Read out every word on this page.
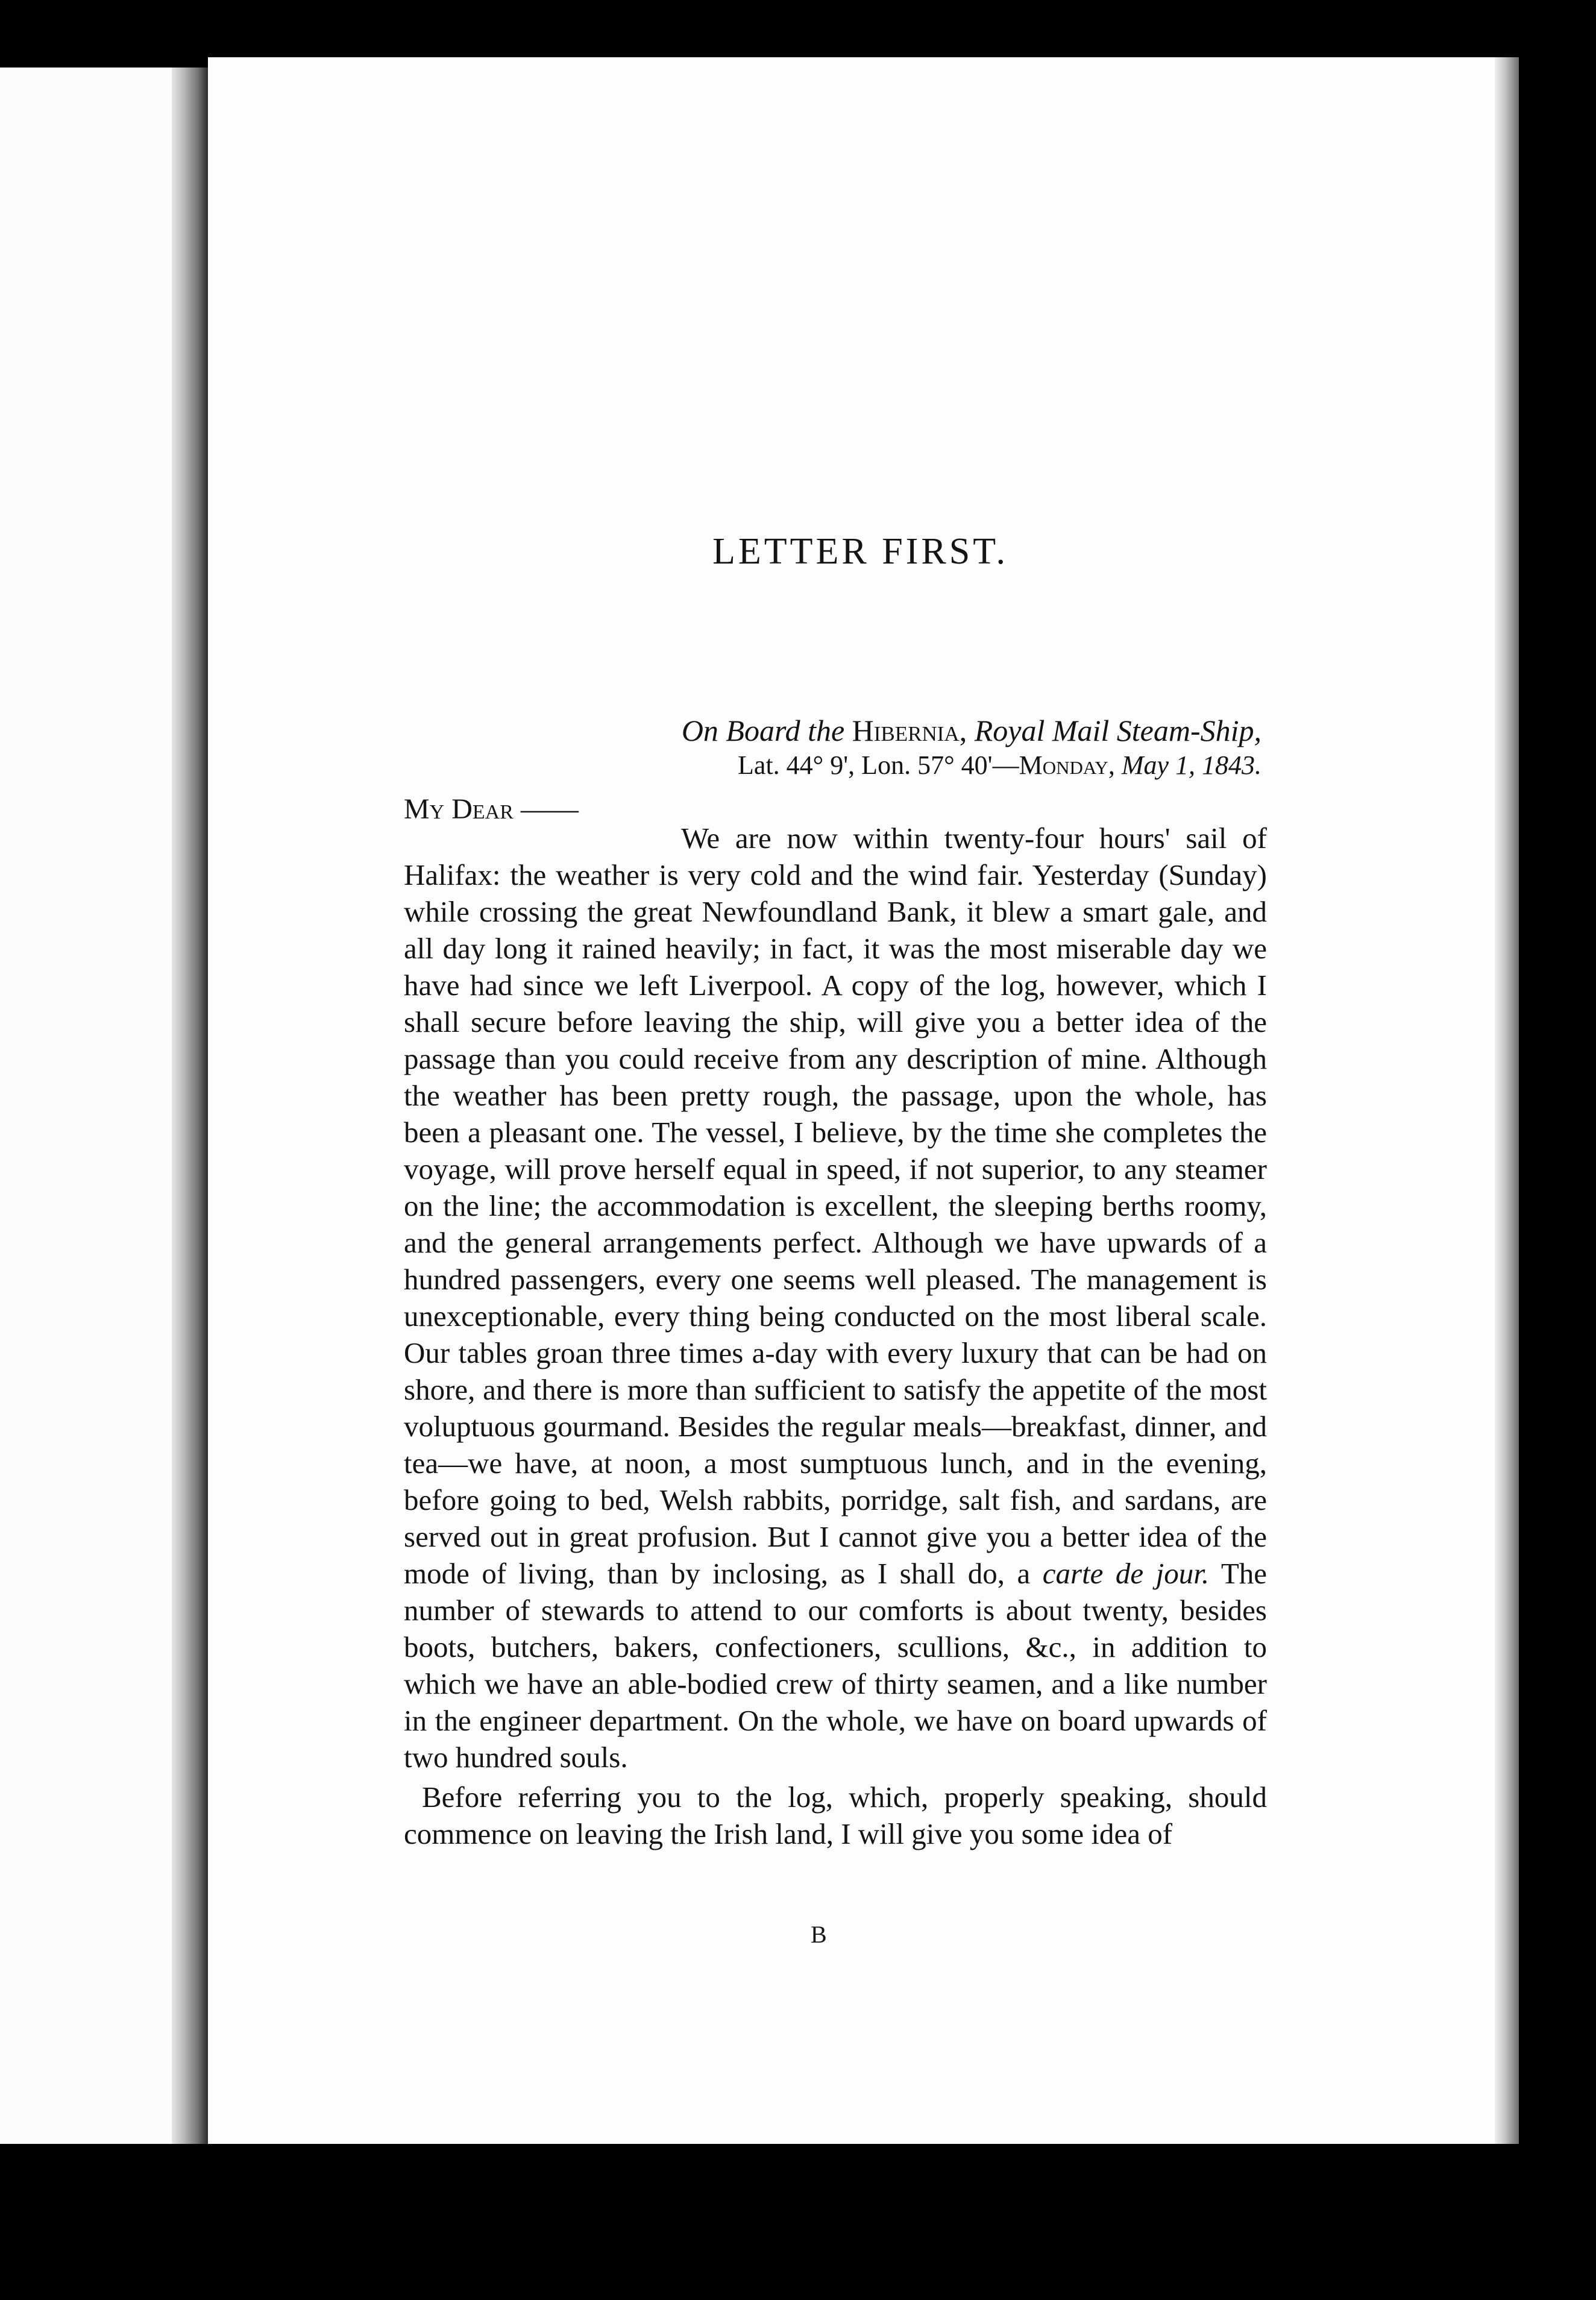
LETTER FIRST.
On Board the Hibernia, Royal Mail Steam-Ship,
Lat. 44° 9', Lon. 57° 40'—Monday, May 1, 1843.
My Dear ——

We are now within twenty-four hours' sail of Halifax: the weather is very cold and the wind fair. Yesterday (Sunday) while crossing the great Newfoundland Bank, it blew a smart gale, and all day long it rained heavily; in fact, it was the most miserable day we have had since we left Liverpool. A copy of the log, however, which I shall secure before leaving the ship, will give you a better idea of the passage than you could receive from any description of mine. Although the weather has been pretty rough, the passage, upon the whole, has been a pleasant one. The vessel, I believe, by the time she completes the voyage, will prove herself equal in speed, if not superior, to any steamer on the line; the accommodation is excellent, the sleeping berths roomy, and the general arrangements perfect. Although we have upwards of a hundred passengers, every one seems well pleased. The management is unexceptionable, every thing being conducted on the most liberal scale. Our tables groan three times a-day with every luxury that can be had on shore, and there is more than sufficient to satisfy the appetite of the most voluptuous gourmand. Besides the regular meals—breakfast, dinner, and tea—we have, at noon, a most sumptuous lunch, and in the evening, before going to bed, Welsh rabbits, porridge, salt fish, and sardans, are served out in great profusion. But I cannot give you a better idea of the mode of living, than by inclosing, as I shall do, a carte de jour. The number of stewards to attend to our comforts is about twenty, besides boots, butchers, bakers, confectioners, scullions, &c., in addition to which we have an able-bodied crew of thirty seamen, and a like number in the engineer department. On the whole, we have on board upwards of two hundred souls.

Before referring you to the log, which, properly speaking, should commence on leaving the Irish land, I will give you some idea of

B
